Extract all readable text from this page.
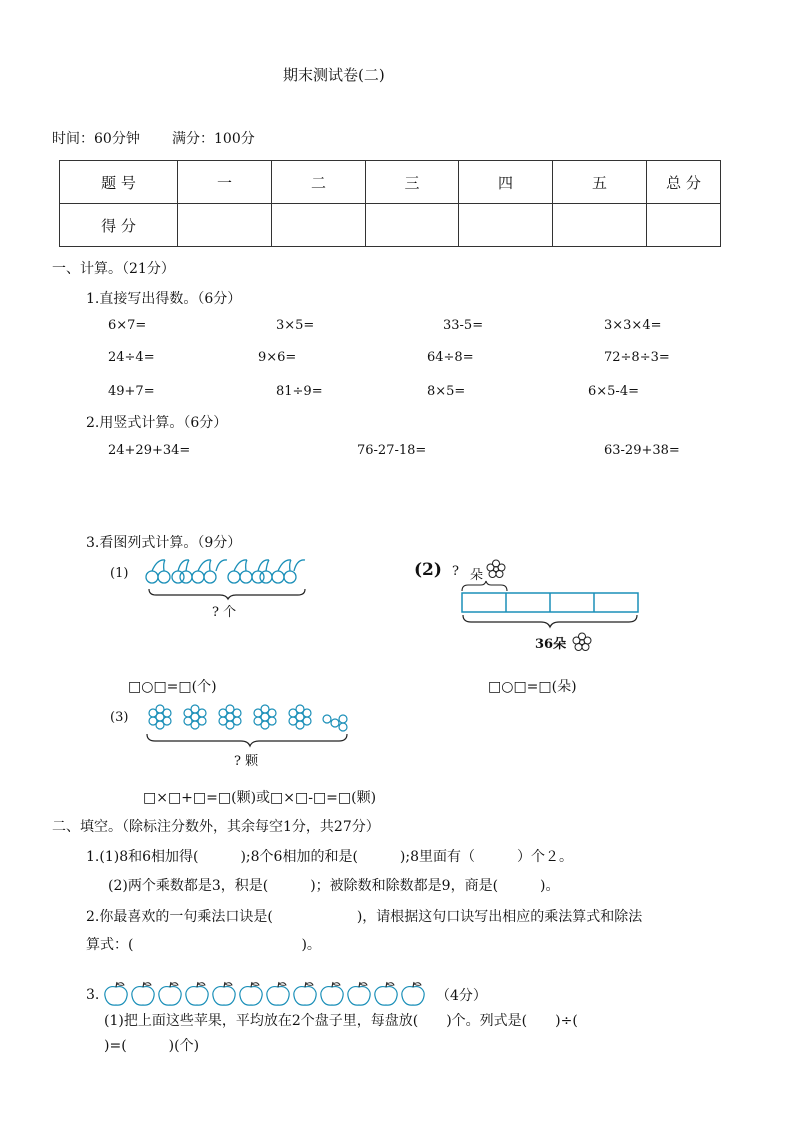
期末测试卷(二)
时间：60分钟 满分：100分
题 号	一	二	三	四	五	总 分
得 分						
一、计算。（21分）
1.直接写出得数。（6分）
6×7=	3×5=	33-5=	3×3×4=
24÷4=	9×6=	64÷8=	72÷8÷3=
49+7=	81÷9=	8×5=	6×5-4=
2.用竖式计算。（6分）
24+29+34=	76-27-18=	63-29+38=
3.看图列式计算。（9分）
(1)
? 个
□○□=□(个)
(2) ? 朵
36朵
□○□=□(朵)
(3)
? 颗
□×□+□=□(颗)或□×□-□=□(颗)
二、填空。（除标注分数外，其余每空1分，共27分）
1.(1)8和6相加得(　　　);8个6相加的和是(　　　);8里面有（　　　）个２。
(2)两个乘数都是3，积是(　　　)；被除数和除数都是9，商是(　　　)。
2.你最喜欢的一句乘法口诀是(　　　　　　)，请根据这句口诀写出相应的乘法算式和除法
算式：(　　　　　　　　　　　　)。
3.	（4分）
(1)把上面这些苹果，平均放在2个盘子里，每盘放(　　)个。列式是(　　)÷(
)=(　　　)(个)
